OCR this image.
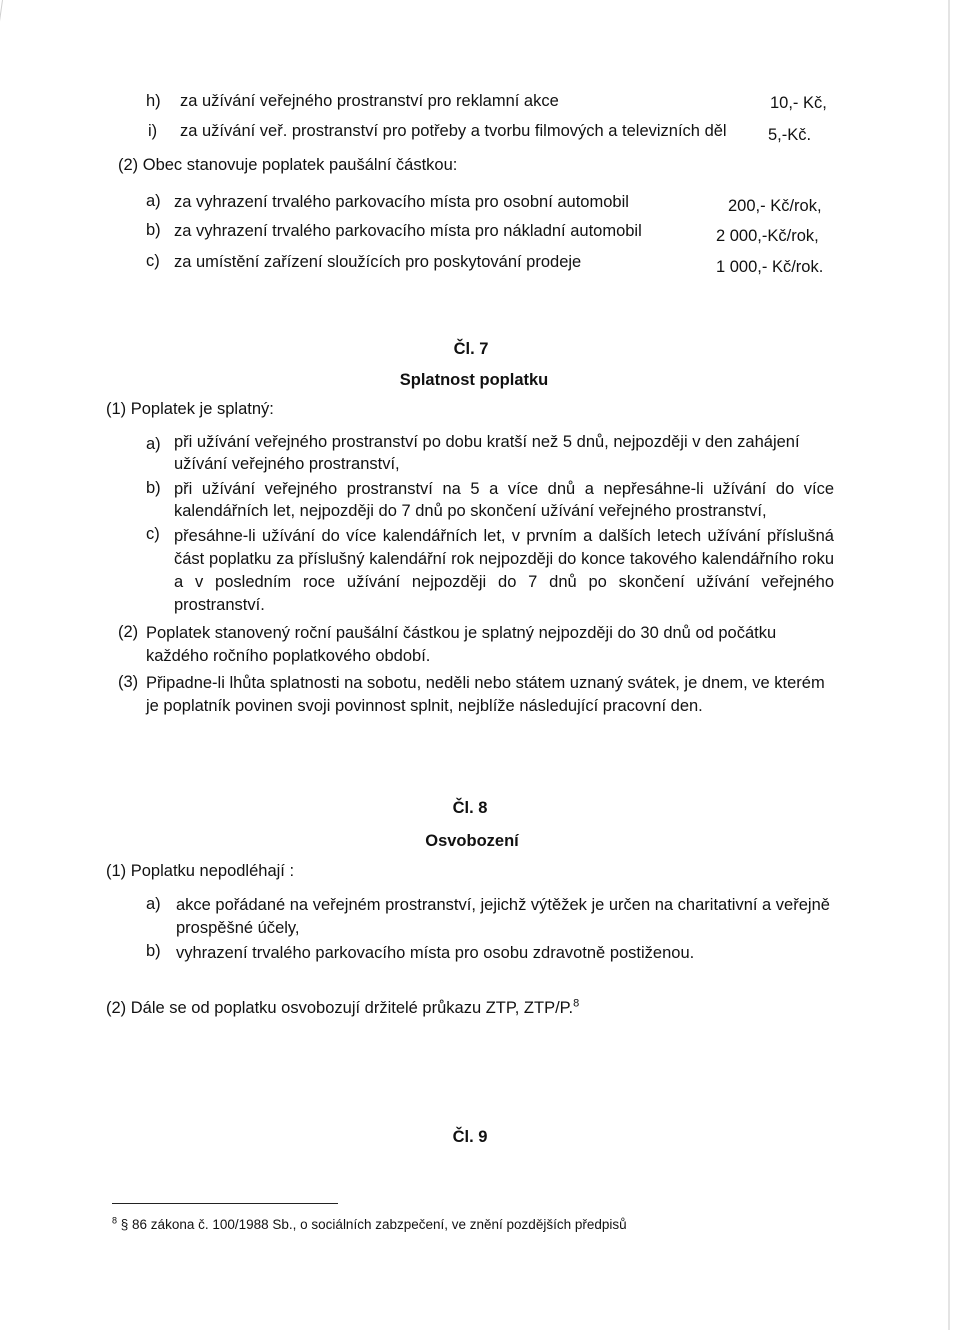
h) za užívání veřejného prostranství pro reklamní akce	10,- Kč,
i) za užívání veř. prostranství pro potřeby a tvorbu filmových a televizních děl	5,-Kč.
(2) Obec stanovuje poplatek paušální částkou:
a) za vyhrazení trvalého parkovacího místa pro osobní automobil	200,- Kč/rok,
b) za vyhrazení trvalého parkovacího místa pro nákladní automobil	2 000,-Kč/rok,
c) za umístění zařízení sloužících pro poskytování prodeje	1 000,- Kč/rok.
Čl. 7
Splatnost poplatku
(1) Poplatek je splatný:
a) při užívání veřejného prostranství po dobu kratší než 5 dnů, nejpozději v den zahájení užívání veřejného prostranství,
b) při užívání veřejného prostranství na 5 a více dnů a nepřesáhne-li užívání do více kalendářních let, nejpozději do 7 dnů po skončení užívání veřejného prostranství,
c) přesáhne-li užívání do více kalendářních let, v prvním a dalších letech užívání příslušná část poplatku za příslušný kalendářní rok nejpozději do konce takového kalendářního roku a v posledním roce užívání nejpozději do 7 dnů po skončení užívání veřejného prostranství.
(2) Poplatek stanovený roční paušální částkou je splatný nejpozději do 30 dnů od počátku každého ročního poplatkového období.
(3) Připadne-li lhůta splatnosti na sobotu, neděli nebo státem uznaný svátek, je dnem, ve kterém je poplatník povinen svoji povinnost splnit, nejblíže následující pracovní den.
Čl. 8
Osvobození
(1) Poplatku nepodléhají :
a) akce pořádané na veřejném prostranství, jejichž výtěžek je určen na charitativní a veřejně prospěšné účely,
b) vyhrazení trvalého parkovacího místa pro osobu zdravotně postiženou.
(2) Dále se od poplatku osvobozují držitelé průkazu ZTP, ZTP/P.$^8$
Čl. 9
$^8$ § 86 zákona č. 100/1988 Sb., o sociálních zabzpečení, ve znění pozdějších předpisů
